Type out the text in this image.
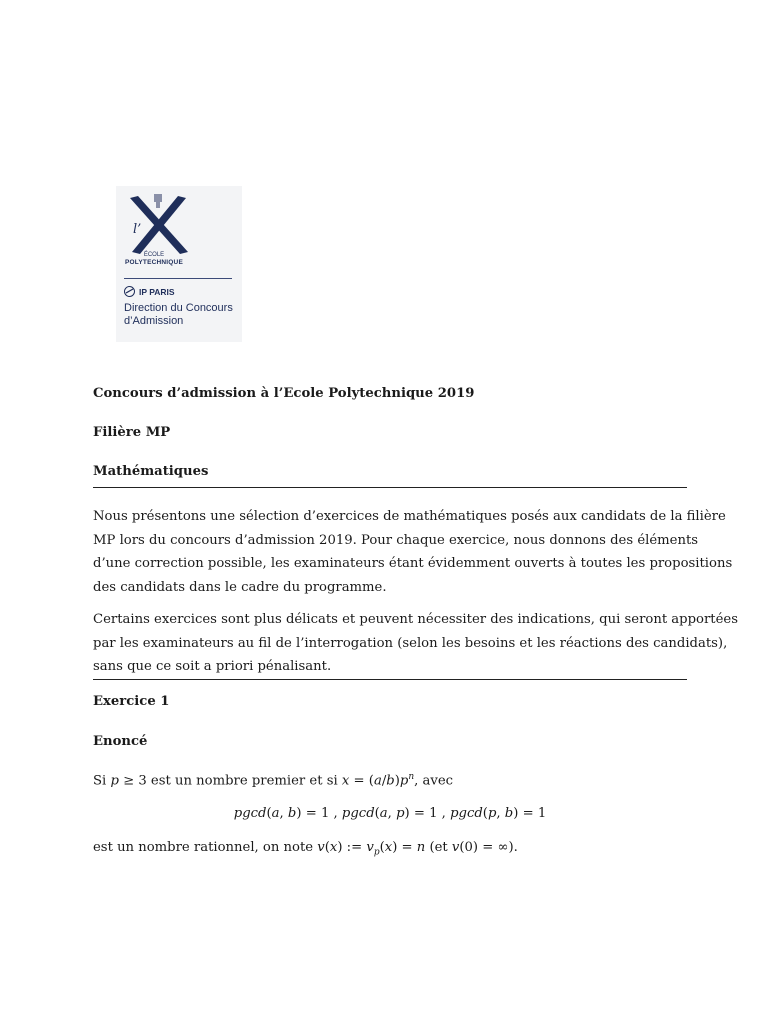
l’
ÉCOLE
POLYTECHNIQUE
IP PARIS
Direction du Concours
d’Admission
Concours d’admission à l’Ecole Polytechnique 2019
Filière MP
Mathématiques
Nous présentons une sélection d’exercices de mathématiques posés aux candidats de la filière
MP lors du concours d’admission 2019. Pour chaque exercice, nous donnons des éléments
d’une correction possible, les examinateurs étant évidemment ouverts à toutes les propositions
des candidats dans le cadre du programme.
Certains exercices sont plus délicats et peuvent nécessiter des indications, qui seront apportées
par les examinateurs au fil de l’interrogation (selon les besoins et les réactions des candidats),
sans que ce soit a priori pénalisant.
Exercice 1
Enoncé
Si p ≥ 3 est un nombre premier et si $x = (a/b)p^n$, avec
pgcd(a, b) = 1 , pgcd(a, p) = 1 , pgcd(p, b) = 1
est un nombre rationnel, on note v(x) := $v_p(x) = n$ (et v(0) = ∞).
